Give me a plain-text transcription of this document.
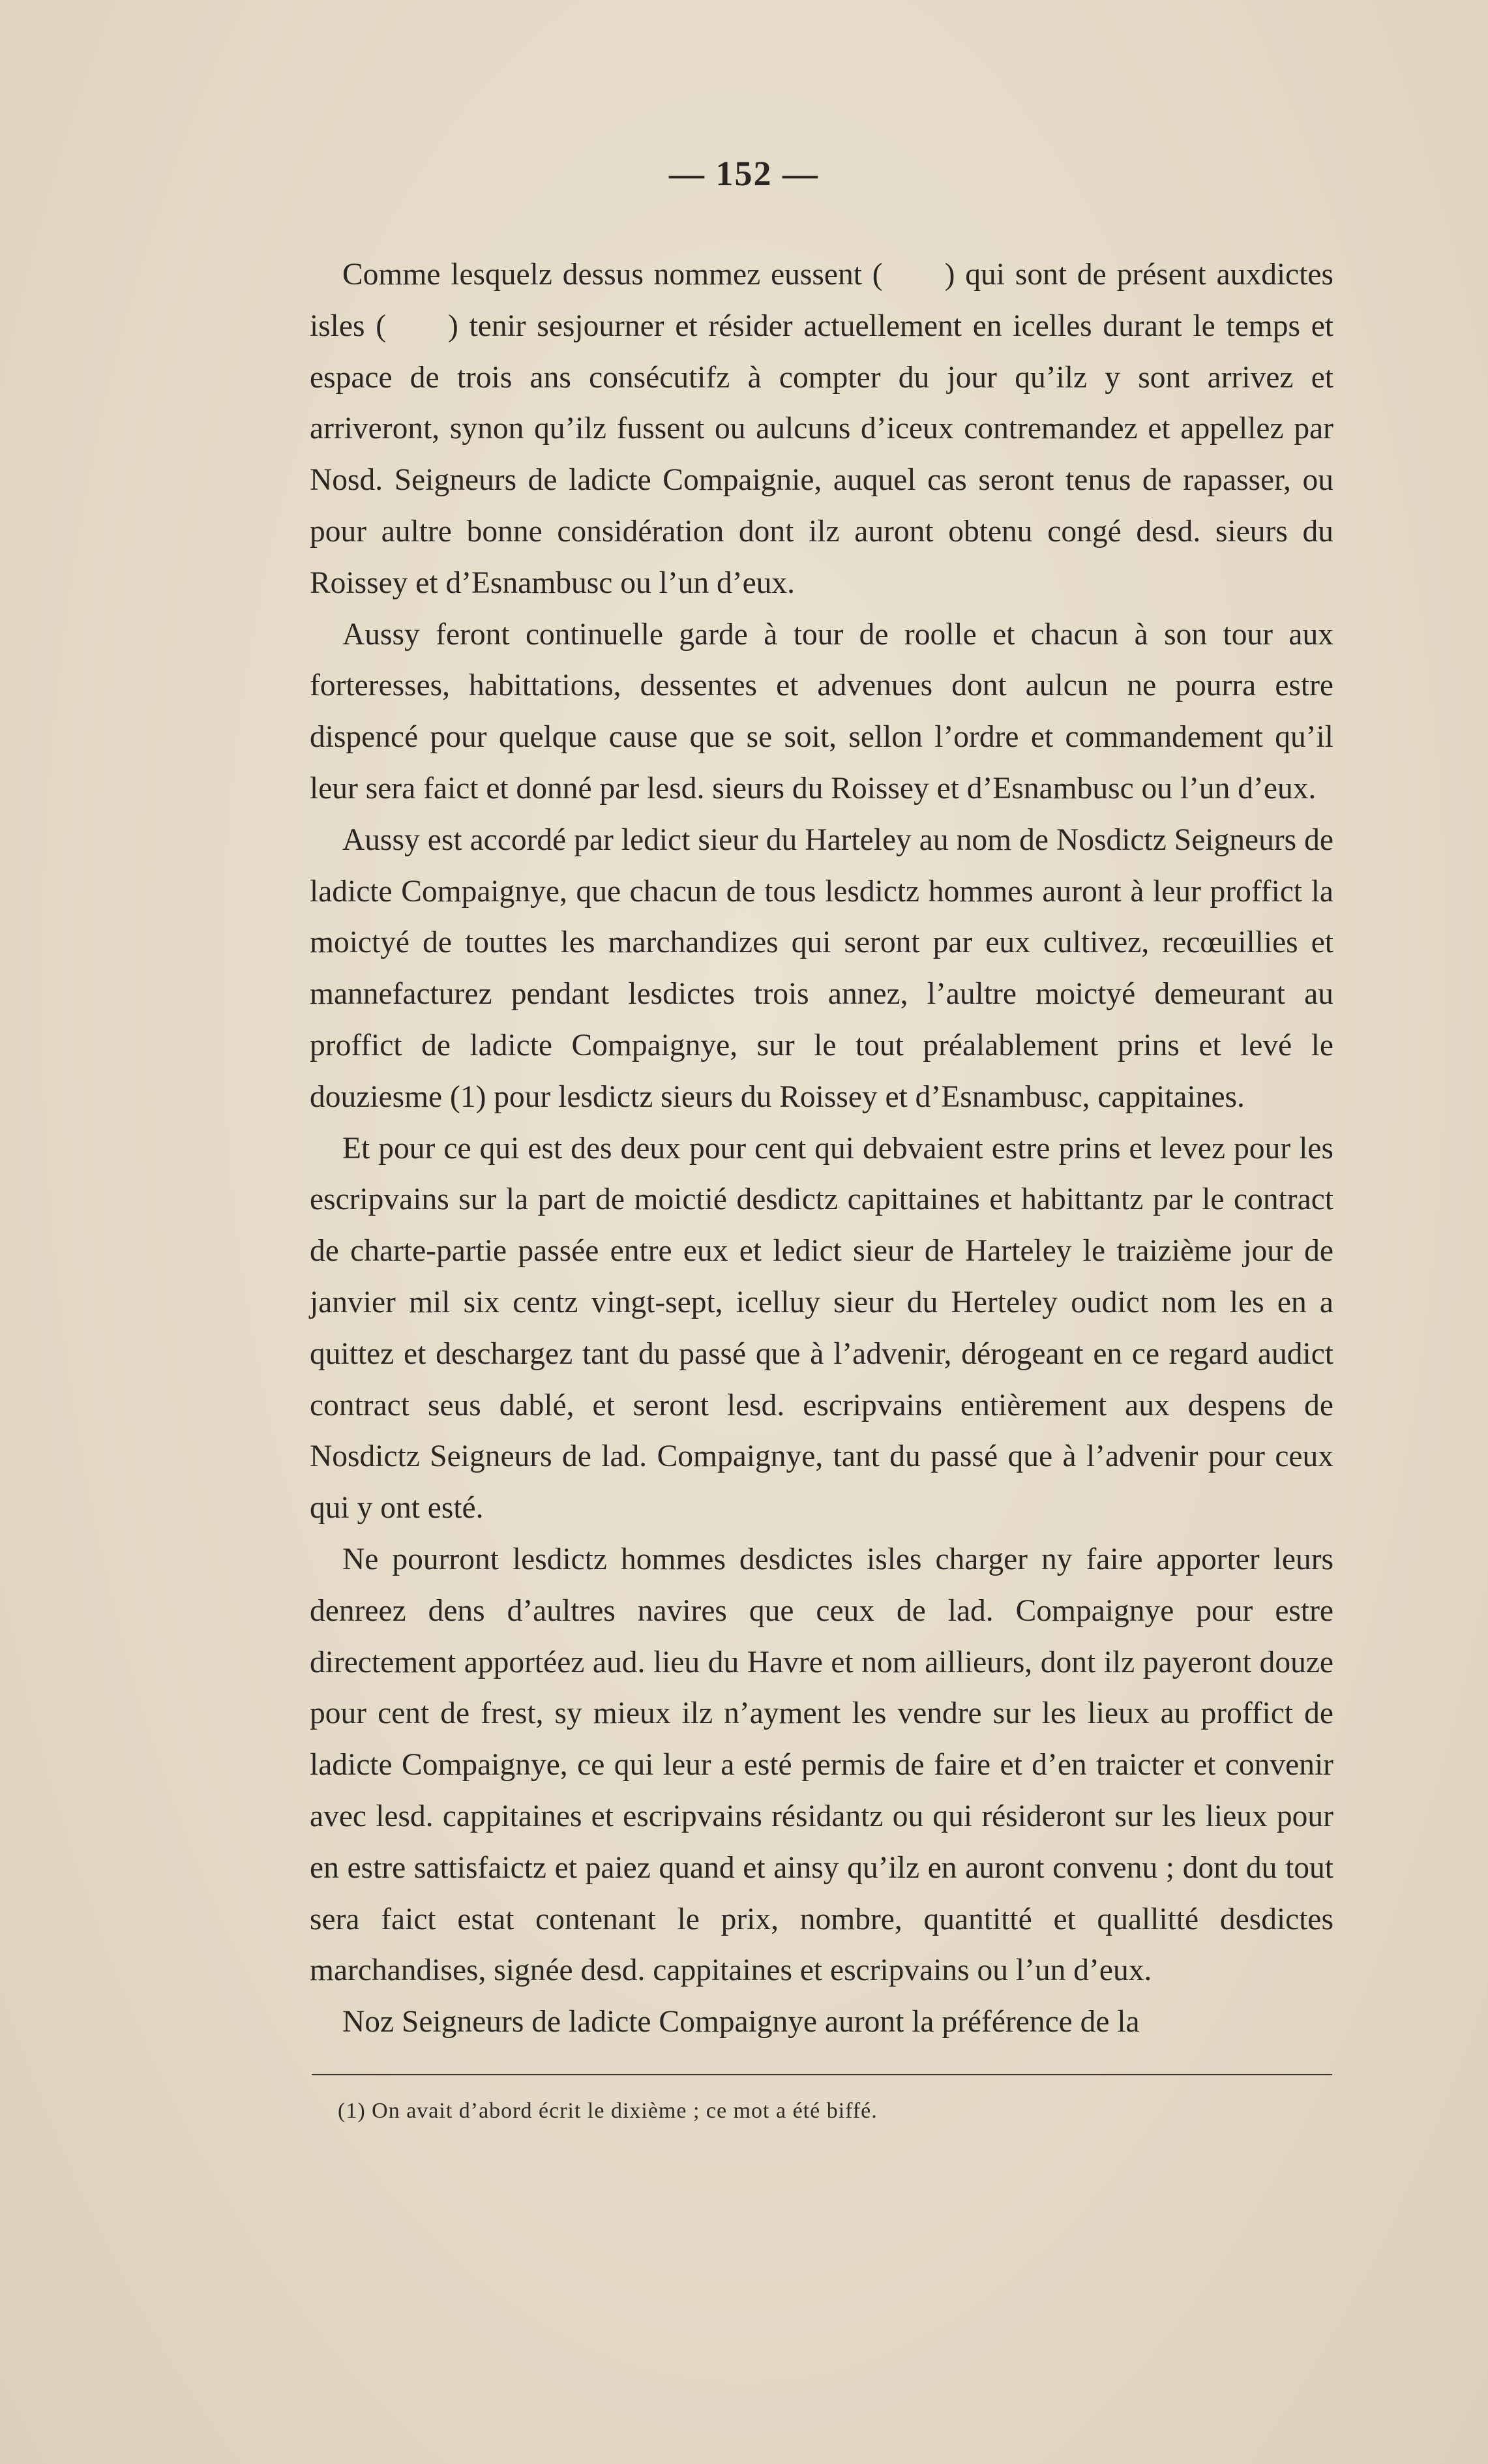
— 152 —

Comme lesquelz dessus nommez eussent (  ) qui sont de présent auxdictes isles (  ) tenir sesjourner et résider actuellement en icelles durant le temps et espace de trois ans consécutifz à compter du jour qu’ilz y sont arrivez et arriveront, synon qu’ilz fussent ou aulcuns d’iceux contremandez et appellez par Nosd. Seigneurs de ladicte Compaignie, auquel cas seront tenus de rapasser, ou pour aultre bonne considération dont ilz auront obtenu congé desd. sieurs du Roissey et d’Esnambusc ou l’un d’eux.

Aussy feront continuelle garde à tour de roolle et chacun à son tour aux forteresses, habittations, dessentes et advenues dont aulcun ne pourra estre dispencé pour quelque cause que se soit, sellon l’ordre et commandement qu’il leur sera faict et donné par lesd. sieurs du Roissey et d’Esnambusc ou l’un d’eux.

Aussy est accordé par ledict sieur du Harteley au nom de Nosdictz Seigneurs de ladicte Compaignye, que chacun de tous lesdictz hommes auront à leur proffict la moictyé de touttes les marchandizes qui seront par eux cultivez, recœuillies et mannefacturez pendant lesdictes trois annez, l’aultre moictyé demeurant au proffict de ladicte Compaignye, sur le tout préalablement prins et levé le douziesme (1) pour lesdictz sieurs du Roissey et d’Esnambusc, cappitaines.

Et pour ce qui est des deux pour cent qui debvaient estre prins et levez pour les escripvains sur la part de moictié desdictz capittaines et habittantz par le contract de charte-partie passée entre eux et ledict sieur de Harteley le traizième jour de janvier mil six centz vingt-sept, icelluy sieur du Herteley oudict nom les en a quittez et deschargez tant du passé que à l’advenir, dérogeant en ce regard audict contract seus dablé, et seront lesd. escripvains entièrement aux despens de Nosdictz Seigneurs de lad. Compaignye, tant du passé que à l’advenir pour ceux qui y ont esté.

Ne pourront lesdictz hommes desdictes isles charger ny faire apporter leurs denreez dens d’aultres navires que ceux de lad. Compaignye pour estre directement apportéez aud. lieu du Havre et nom aillieurs, dont ilz payeront douze pour cent de frest, sy mieux ilz n’ayment les vendre sur les lieux au proffict de ladicte Compaignye, ce qui leur a esté permis de faire et d’en traicter et convenir avec lesd. cappitaines et escripvains résidantz ou qui résideront sur les lieux pour en estre sattisfaictz et paiez quand et ainsy qu’ilz en auront convenu ; dont du tout sera faict estat contenant le prix, nombre, quantitté et quallitté desdictes marchandises, signée desd. cappitaines et escripvains ou l’un d’eux.

Noz Seigneurs de ladicte Compaignye auront la préférence de la

(1) On avait d’abord écrit le dixième ; ce mot a été biffé.
